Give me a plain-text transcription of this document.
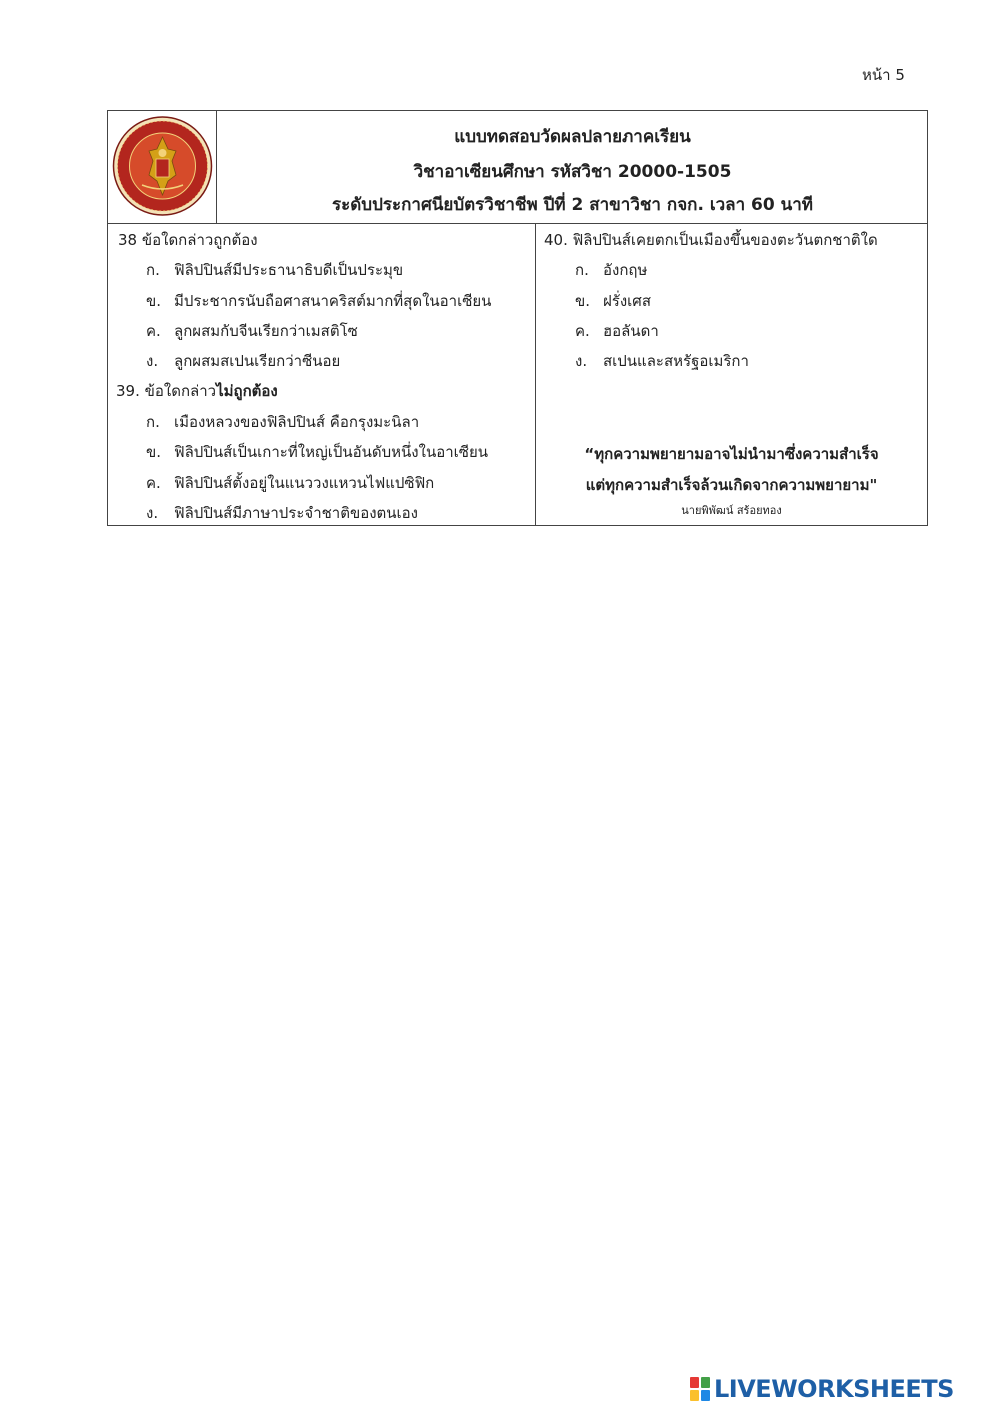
หน้า 5
แบบทดสอบวัดผลปลายภาคเรียน
วิชาอาเซียนศึกษา รหัสวิชา 20000-1505
ระดับประกาศนียบัตรวิชาชีพ ปีที่ 2 สาขาวิชา กจก. เวลา 60 นาที
38 ข้อใดกล่าวถูกต้อง
ก. ฟิลิปปินส์มีประธานาธิบดีเป็นประมุข
ข. มีประชากรนับถือศาสนาคริสต์มากที่สุดในอาเซียน
ค. ลูกผสมกับจีนเรียกว่าเมสติโซ
ง. ลูกผสมสเปนเรียกว่าซีนอย
39. ข้อใดกล่าวไม่ถูกต้อง
ก. เมืองหลวงของฟิลิปปินส์ คือกรุงมะนิลา
ข. ฟิลิปปินส์เป็นเกาะที่ใหญ่เป็นอันดับหนึ่งในอาเซียน
ค. ฟิลิปปินส์ตั้งอยู่ในแนววงแหวนไฟแปซิฟิก
ง. ฟิลิปปินส์มีภาษาประจำชาติของตนเอง
40. ฟิลิปปินส์เคยตกเป็นเมืองขึ้นของตะวันตกชาติใด
ก. อังกฤษ
ข. ฝรั่งเศส
ค. ฮอลันดา
ง. สเปนและสหรัฐอเมริกา
“ทุกความพยายามอาจไม่นำมาซึ่งความสำเร็จ
แต่ทุกความสำเร็จล้วนเกิดจากความพยายาม"
นายพิพัฒน์ สร้อยทอง
LIVEWORKSHEETS
